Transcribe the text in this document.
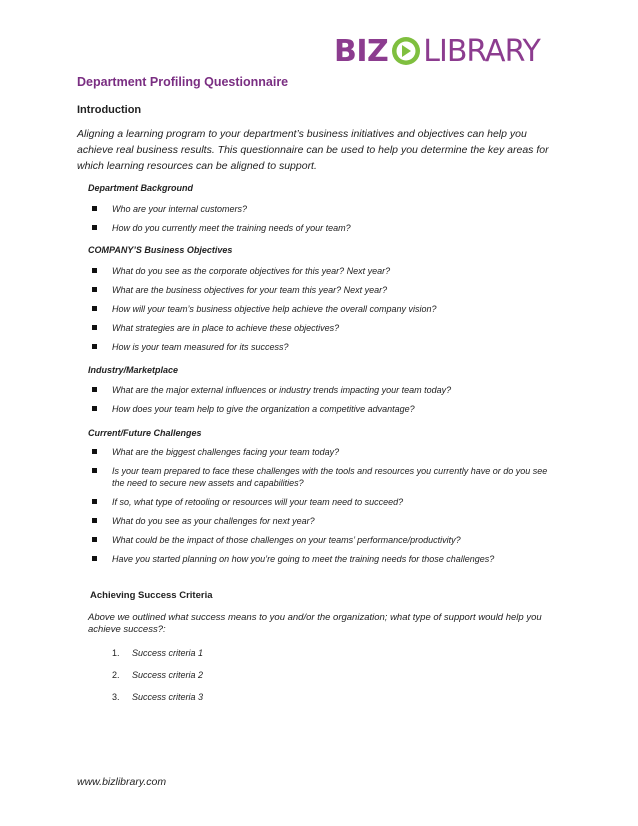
BIZ LIBRARY
Department Profiling Questionnaire
Introduction
Aligning a learning program to your department’s business initiatives and objectives can help you achieve real business results. This questionnaire can be used to help you determine the key areas for which learning resources can be aligned to support.
Department Background
Who are your internal customers?
How do you currently meet the training needs of your team?
COMPANY’S Business Objectives
What do you see as the corporate objectives for this year? Next year?
What are the business objectives for your team this year? Next year?
How will your team’s business objective help achieve the overall company vision?
What strategies are in place to achieve these objectives?
How is your team measured for its success?
Industry/Marketplace
What are the major external influences or industry trends impacting your team today?
How does your team help to give the organization a competitive advantage?
Current/Future Challenges
What are the biggest challenges facing your team today?
Is your team prepared to face these challenges with the tools and resources you currently have or do you see the need to secure new assets and capabilities?
If so, what type of retooling or resources will your team need to succeed?
What do you see as your challenges for next year?
What could be the impact of those challenges on your teams’ performance/productivity?
Have you started planning on how you’re going to meet the training needs for those challenges?
Achieving Success Criteria
Above we outlined what success means to you and/or the organization; what type of support would help you achieve success?:
1. Success criteria 1
2. Success criteria 2
3. Success criteria 3
www.bizlibrary.com
